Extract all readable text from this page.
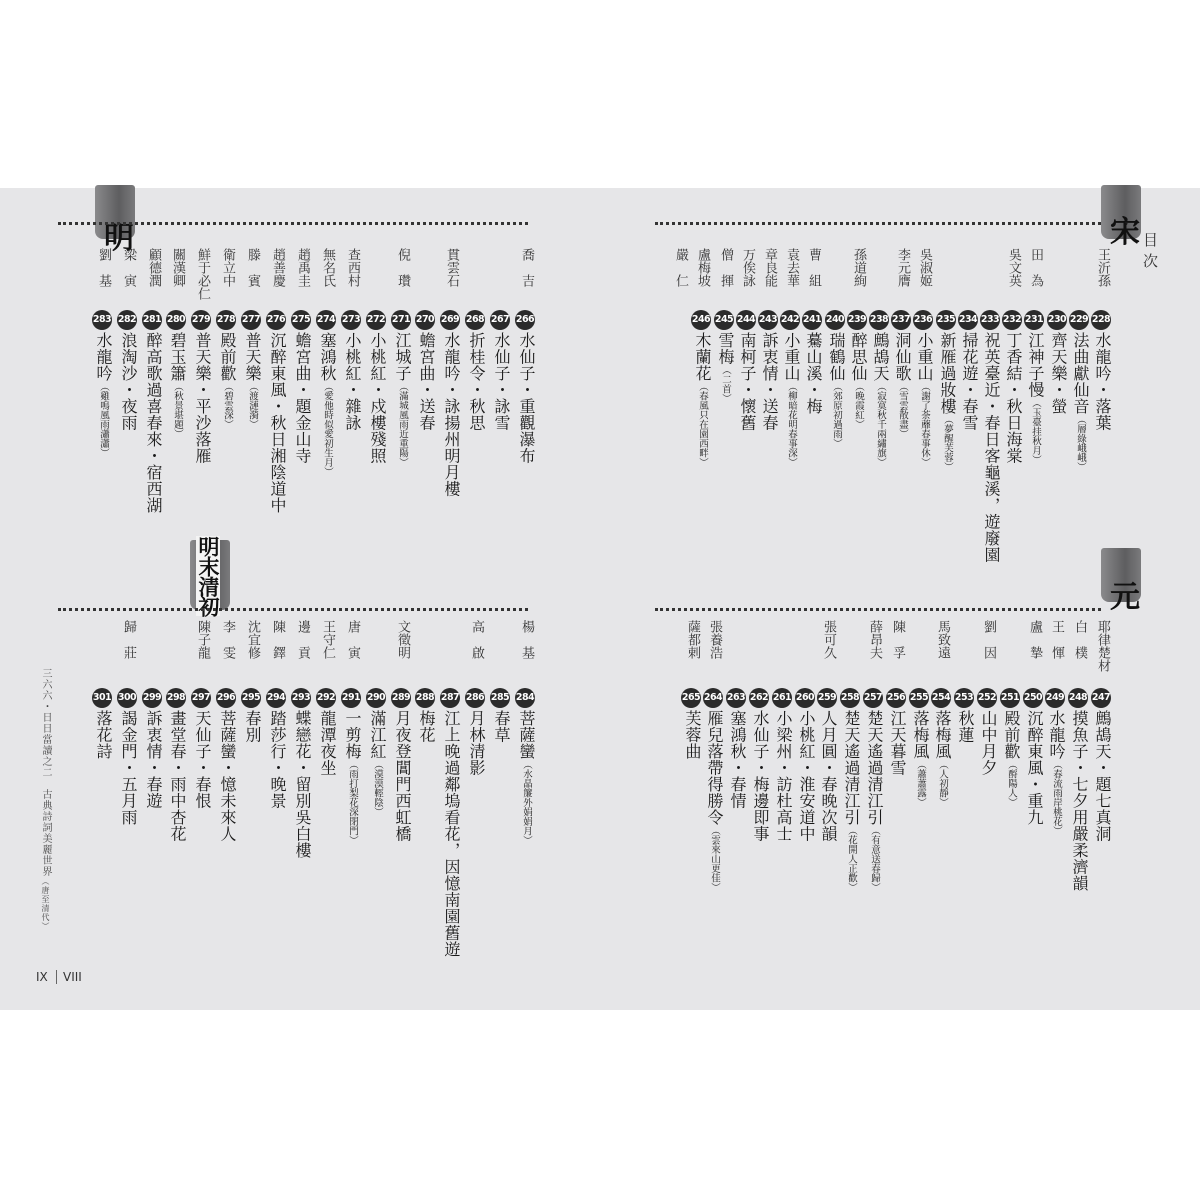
目次
宋
元
明
明末清初
王沂孫
228
水龍吟・落葉
229
法曲獻仙音（層綠峨峨）
230
齊天樂・螢
田　為
231
江神子慢（玉臺挂秋月）
吳文英
232
丁香結・秋日海棠
233
祝英臺近・春日客龜溪，遊廢園
234
掃花遊・春雪
235
新雁過妝樓（夢醒芙蓉）
吳淑姬
236
小重山（謝了荼蘼春事休）
李元膺
237
洞仙歌（雪雲散盡）
238
鷓鴣天（寂寞秋千兩繡旗）
孫道絢
239
醉思仙（晚霞紅）
240
瑞鶴仙（郊原初過雨）
曹　組
241
驀山溪・梅
袁去華
242
小重山（柳暗花明春事深）
章良能
243
訴衷情・送春
万俟詠
244
南柯子・懷舊
僧　揮
245
雪梅（二首）
盧梅坡
246
木蘭花（春風只在園西畔）
嚴　仁
耶律楚材
247
鷓鴣天・題七真洞
白　樸
248
摸魚子・七夕用嚴柔濟韻
王　惲
249
水龍吟（春流雨岸桃花）
盧　摯
250
沉醉東風・重九
251
殿前歡（酹陽人）
劉　因
252
山中月夕
253
秋蓮
馬致遠
254
落梅風（人初靜）
255
落梅風（蕭蕭露）
陳　孚
256
江天暮雪
薛昂夫
257
楚天遙過清江引（有意送春歸）
258
楚天遙過清江引（花開人正歡）
張可久
259
人月圓・春晚次韻
260
小桃紅・淮安道中
261
小梁州・訪杜高士
262
水仙子・梅邊即事
263
塞鴻秋・春情
張養浩
264
雁兒落帶得勝令（雲來山更佳）
薩都剌
265
芙蓉曲
喬　吉
266
水仙子・重觀瀑布
267
水仙子・詠雪
268
折桂令・秋思
貫雲石
269
水龍吟・詠揚州明月樓
270
蟾宮曲・送春
倪　瓚
271
江城子（滿城風雨近重陽）
272
小桃紅・戍樓殘照
查西村
273
小桃紅・雜詠
無名氏
274
塞鴻秋（愛他時似愛初生月）
趙禹圭
275
蟾宮曲・題金山寺
趙善慶
276
沉醉東風・秋日湘陰道中
滕　賓
277
普天樂（渡漣漪）
衛立中
278
殿前歡（碧雲深）
鮮于必仁
279
普天樂・平沙落雁
關漢卿
280
碧玉簫（秋景堪題）
顧德潤
281
醉高歌過喜春來・宿西湖
梁　寅
282
浪淘沙・夜雨
劉　基
283
水龍吟（雞鳴風雨瀟瀟）
楊　基
284
菩薩蠻（水晶簾外娟娟月）
285
春草
高　啟
286
月林清影
287
江上晚過鄰塢看花，因憶南園舊遊
288
梅花
文徵明
289
月夜登閶門西虹橋
290
滿江紅（漠漠輕陰）
唐　寅
291
一剪梅（雨打梨花深閉門）
王守仁
292
龍潭夜坐
邊　貢
293
蝶戀花・留別吳白樓
陳　鐸
294
踏莎行・晚景
沈宜修
295
春別
李　雯
296
菩薩蠻・憶未來人
陳子龍
297
天仙子・春恨
298
畫堂春・雨中杏花
299
訴衷情・春遊
歸　莊
300
謁金門・五月雨
301
落花詩
三六六・日日當讀之二　古典詩詞美麗世界（唐至清代）
IX VIII
